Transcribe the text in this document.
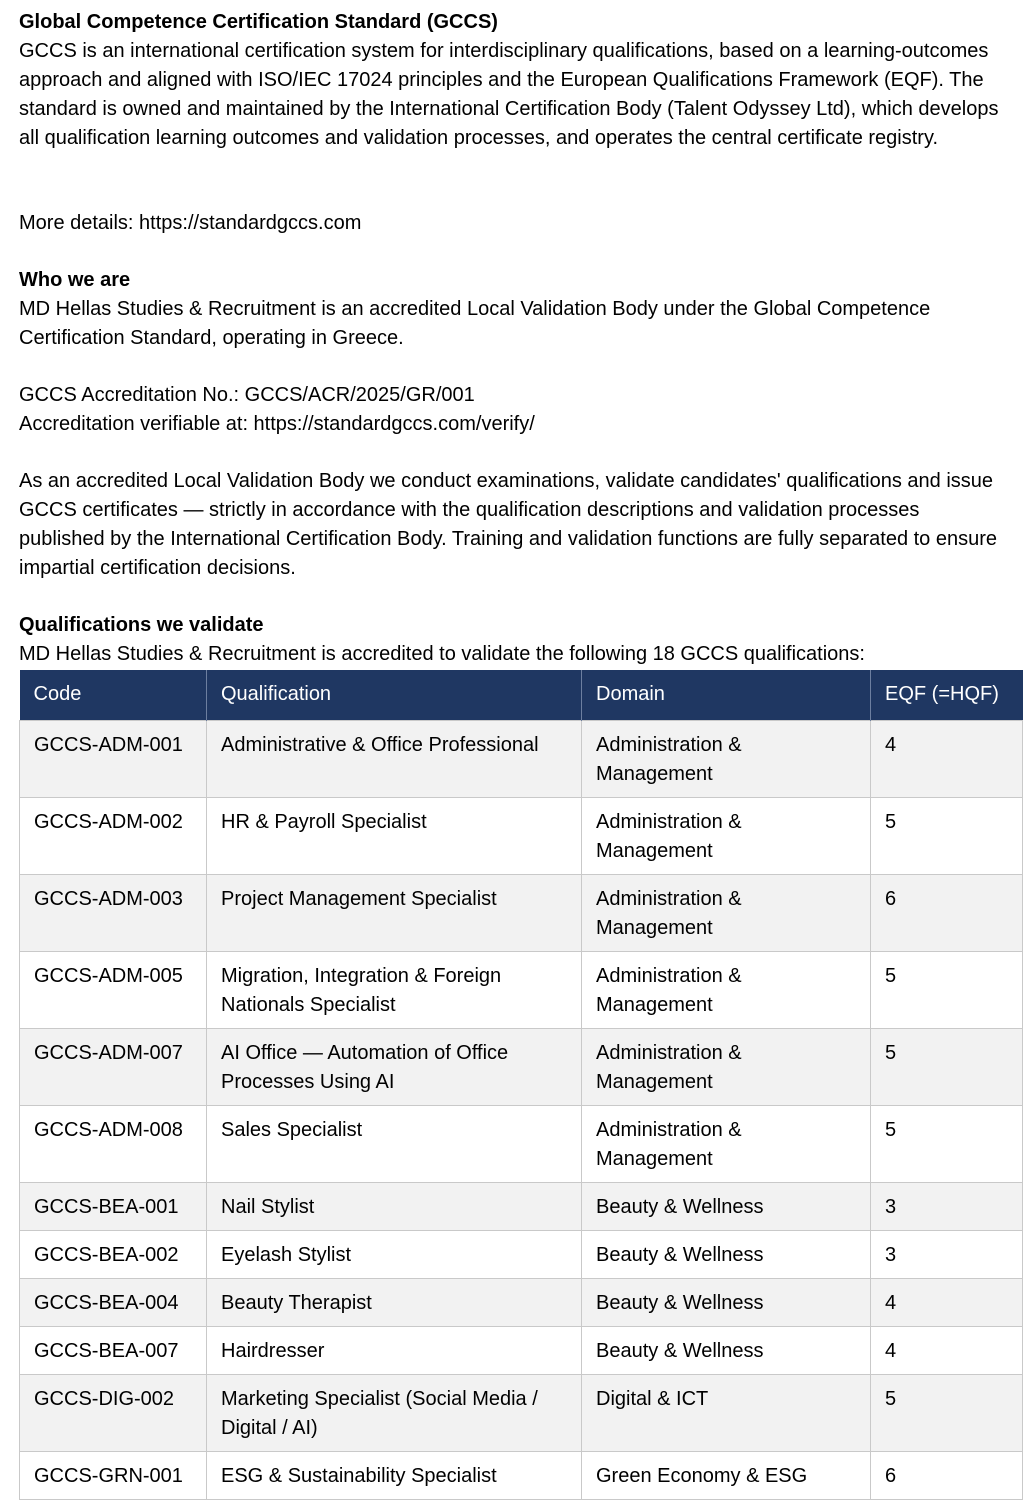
Global Competence Certification Standard (GCCS)

GCCS is an international certification system for interdisciplinary qualifications, based on a learning-outcomes approach and aligned with ISO/IEC 17024 principles and the European Qualifications Framework (EQF). The standard is owned and maintained by the International Certification Body (Talent Odyssey Ltd), which develops all qualification learning outcomes and validation processes, and operates the central certificate registry.

More details: https://standardgccs.com

Who we are

MD Hellas Studies & Recruitment is an accredited Local Validation Body under the Global Competence Certification Standard, operating in Greece.

GCCS Accreditation No.: GCCS/ACR/2025/GR/001

Accreditation verifiable at: https://standardgccs.com/verify/

As an accredited Local Validation Body we conduct examinations, validate candidates' qualifications and issue GCCS certificates — strictly in accordance with the qualification descriptions and validation processes published by the International Certification Body. Training and validation functions are fully separated to ensure impartial certification decisions.

Qualifications we validate

MD Hellas Studies & Recruitment is accredited to validate the following 18 GCCS qualifications:

Code	Qualification	Domain	EQF (=HQF)
GCCS-ADM-001	Administrative & Office Professional	Administration & Management	4
GCCS-ADM-002	HR & Payroll Specialist	Administration & Management	5
GCCS-ADM-003	Project Management Specialist	Administration & Management	6
GCCS-ADM-005	Migration, Integration & Foreign Nationals Specialist	Administration & Management	5
GCCS-ADM-007	AI Office — Automation of Office Processes Using AI	Administration & Management	5
GCCS-ADM-008	Sales Specialist	Administration & Management	5
GCCS-BEA-001	Nail Stylist	Beauty & Wellness	3
GCCS-BEA-002	Eyelash Stylist	Beauty & Wellness	3
GCCS-BEA-004	Beauty Therapist	Beauty & Wellness	4
GCCS-BEA-007	Hairdresser	Beauty & Wellness	4
GCCS-DIG-002	Marketing Specialist (Social Media / Digital / AI)	Digital & ICT	5
GCCS-GRN-001	ESG & Sustainability Specialist	Green Economy & ESG	6
